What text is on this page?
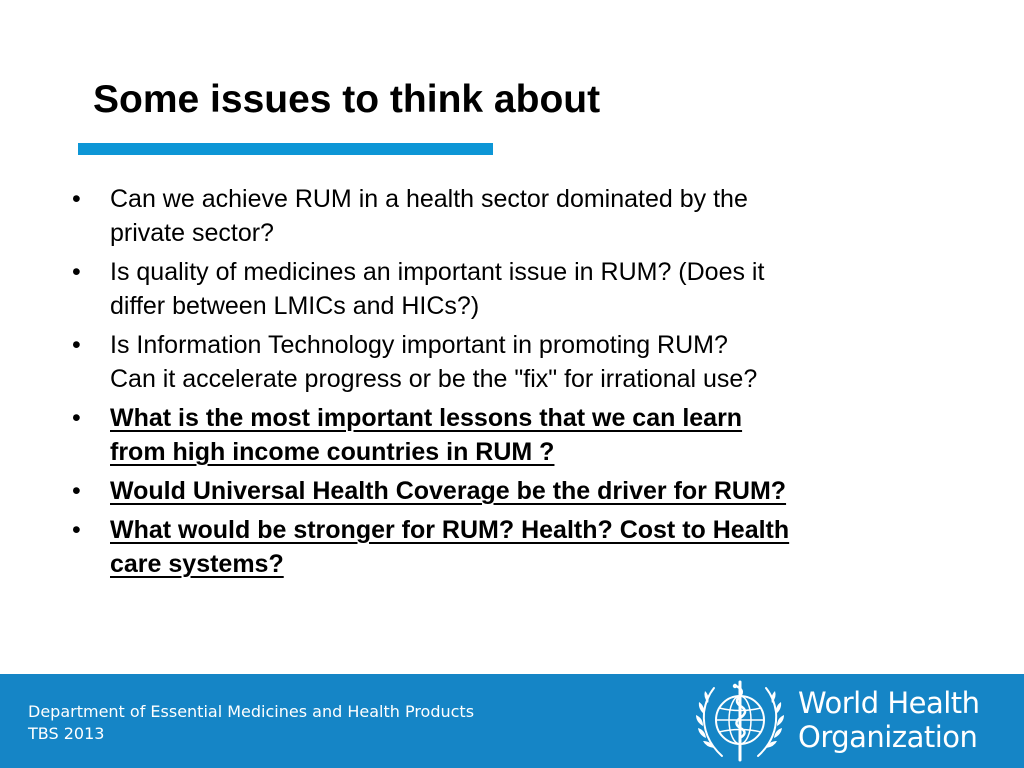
Some issues to think about
• Can we achieve RUM in a health sector dominated by the
private sector?
• Is quality of medicines an important issue in RUM? (Does it
differ between LMICs and HICs?)
• Is Information Technology important in promoting RUM?
Can it accelerate progress or be the "fix" for irrational use?
• What is the most important lessons that we can learn
from high income countries in RUM ?
• Would Universal Health Coverage be the driver for RUM?
• What would be stronger for RUM? Health? Cost to Health
care systems?
Department of Essential Medicines and Health Products
TBS 2013
World Health
Organization
